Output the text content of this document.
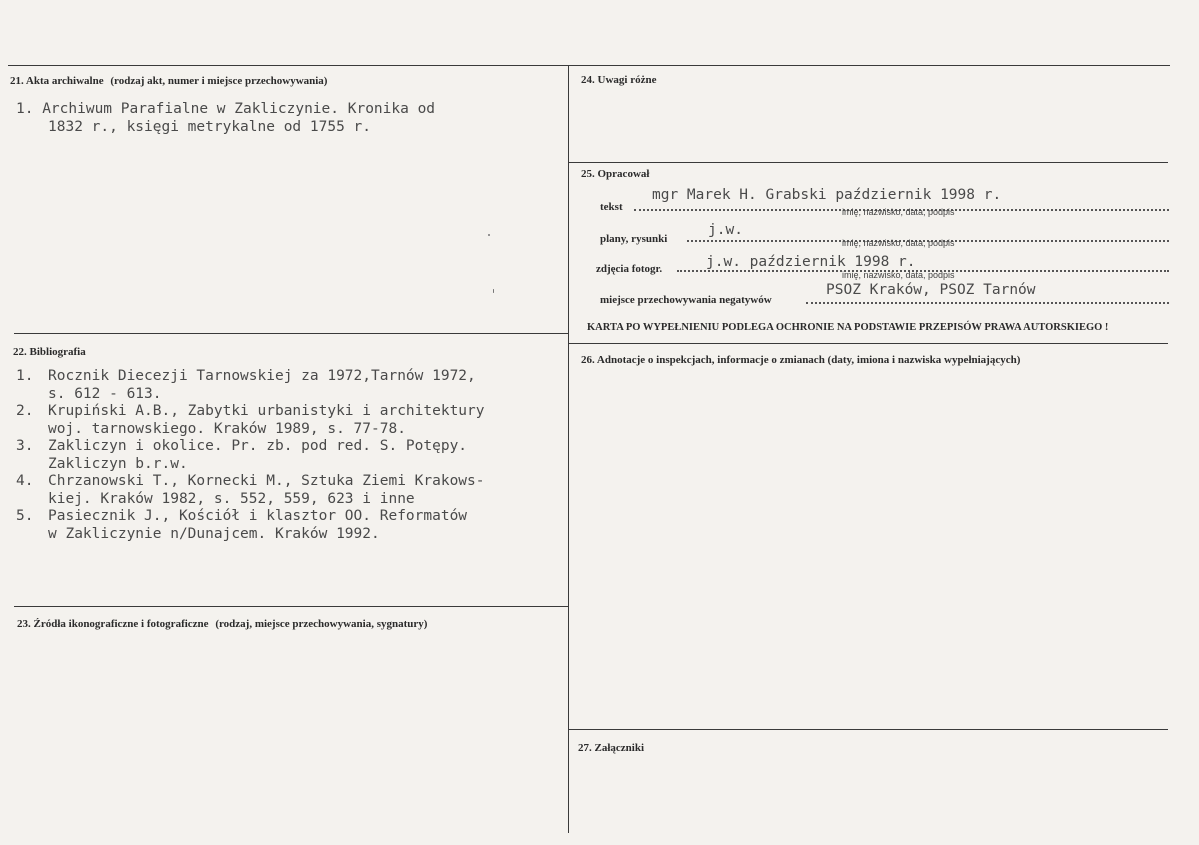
21. Akta archiwalne (rodzaj akt, numer i miejsce przechowywania)
1. Archiwum Parafialne w Zakliczynie. Kronika od
1832 r., księgi metrykalne od 1755 r.
22. Bibliografia
1. Rocznik Diecezji Tarnowskiej za 1972,Tarnów 1972,
s. 612 - 613.
2. Krupiński A.B., Zabytki urbanistyki i architektury
woj. tarnowskiego. Kraków 1989, s. 77-78.
3. Zakliczyn i okolice. Pr. zb. pod red. S. Potępy.
Zakliczyn b.r.w.
4. Chrzanowski T., Kornecki M., Sztuka Ziemi Krakows-
kiej. Kraków 1982, s. 552, 559, 623 i inne
5. Pasiecznik J., Kościół i klasztor OO. Reformatów
w Zakliczynie n/Dunajcem. Kraków 1992.
23. Źródła ikonograficzne i fotograficzne (rodzaj, miejsce przechowywania, sygnatury)
24. Uwagi różne
25. Opracował
tekst
mgr Marek H. Grabski październik 1998 r.
imię, nazwisko, data, podpis
plany, rysunki
j.w.
imię, nazwisko, data, podpis
zdjęcia fotogr.	j.w. październik 1998 r.
imię, nazwisko, data, podpis
miejsce przechowywania negatywów
PSOZ Kraków, PSOZ Tarnów
KARTA PO WYPEŁNIENIU PODLEGA OCHRONIE NA PODSTAWIE PRZEPISÓW PRAWA AUTORSKIEGO !
26. Adnotacje o inspekcjach, informacje o zmianach (daty, imiona i nazwiska wypełniających)
27. Załączniki
